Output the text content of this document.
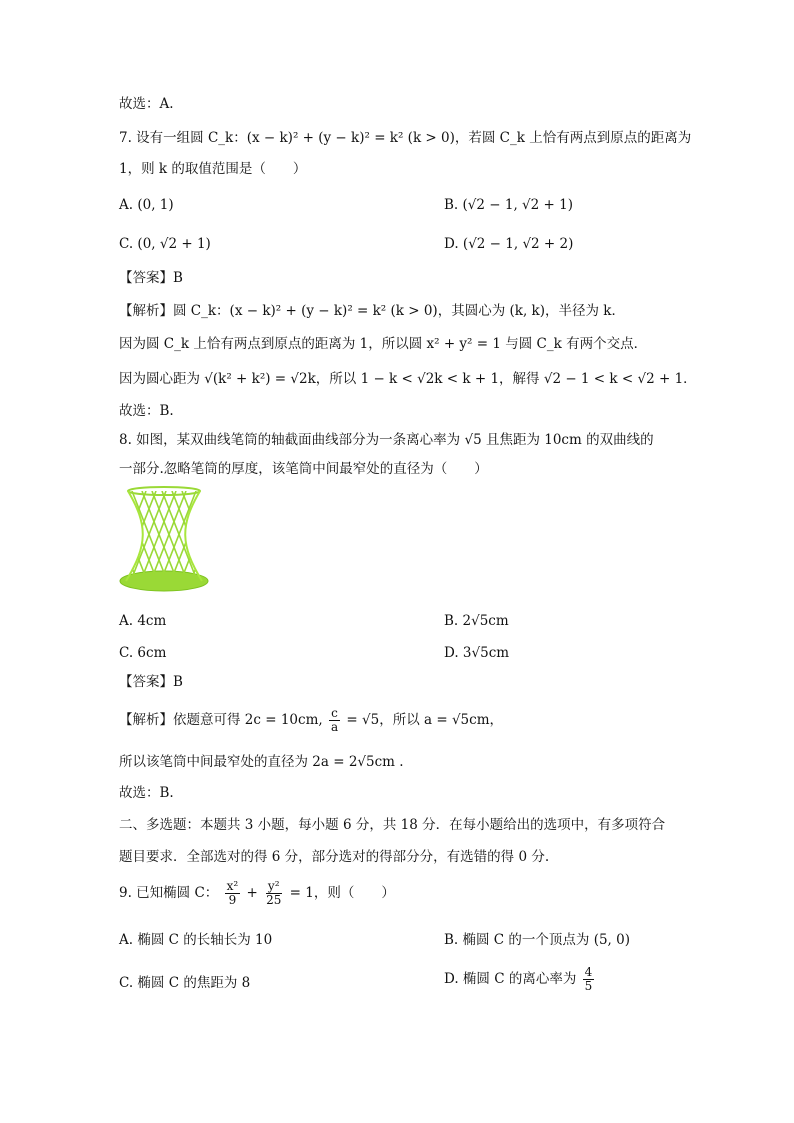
故选：A.
7. 设有一组圆 C_k：(x − k)² + (y − k)² = k² (k > 0)，若圆 C_k 上恰有两点到原点的距离为
1，则 k 的取值范围是（　　）
A. (0, 1)	B. (√2 − 1, √2 + 1)
C. (0, √2 + 1)	D. (√2 − 1, √2 + 2)
【答案】B
【解析】圆 C_k：(x − k)² + (y − k)² = k² (k > 0)，其圆心为 (k, k)，半径为 k．
因为圆 C_k 上恰有两点到原点的距离为 1，所以圆 x² + y² = 1 与圆 C_k 有两个交点．
因为圆心距为 √(k² + k²) = √2k，所以 1 − k < √2k < k + 1，解得 √2 − 1 < k < √2 + 1．
故选：B.
8. 如图，某双曲线笔筒的轴截面曲线部分为一条离心率为 √5 且焦距为 10cm 的双曲线的
一部分.忽略笔筒的厚度，该笔筒中间最窄处的直径为（　　）
A. 4cm	B. 2√5cm
C. 6cm	D. 3√5cm
【答案】B
【解析】依题意可得 2c = 10cm, $\frac{c}{a} = √5$，所以 a = √5cm，
所以该笔筒中间最窄处的直径为 2a = 2√5cm .
故选：B.
二、多选题：本题共 3 小题，每小题 6 分，共 18 分．在每小题给出的选项中，有多项符合
题目要求．全部选对的得 6 分，部分选对的得部分分，有选错的得 0 分.
9. 已知椭圆 C： $\frac{\text{x²}}{9} + \frac{\text{y²}}{25} = 1$，则（　　）
A. 椭圆 C 的长轴长为 10	B. 椭圆 C 的一个顶点为 (5, 0)
C. 椭圆 C 的焦距为 8	D. 椭圆 C 的离心率为 $\frac{4}{5}$
